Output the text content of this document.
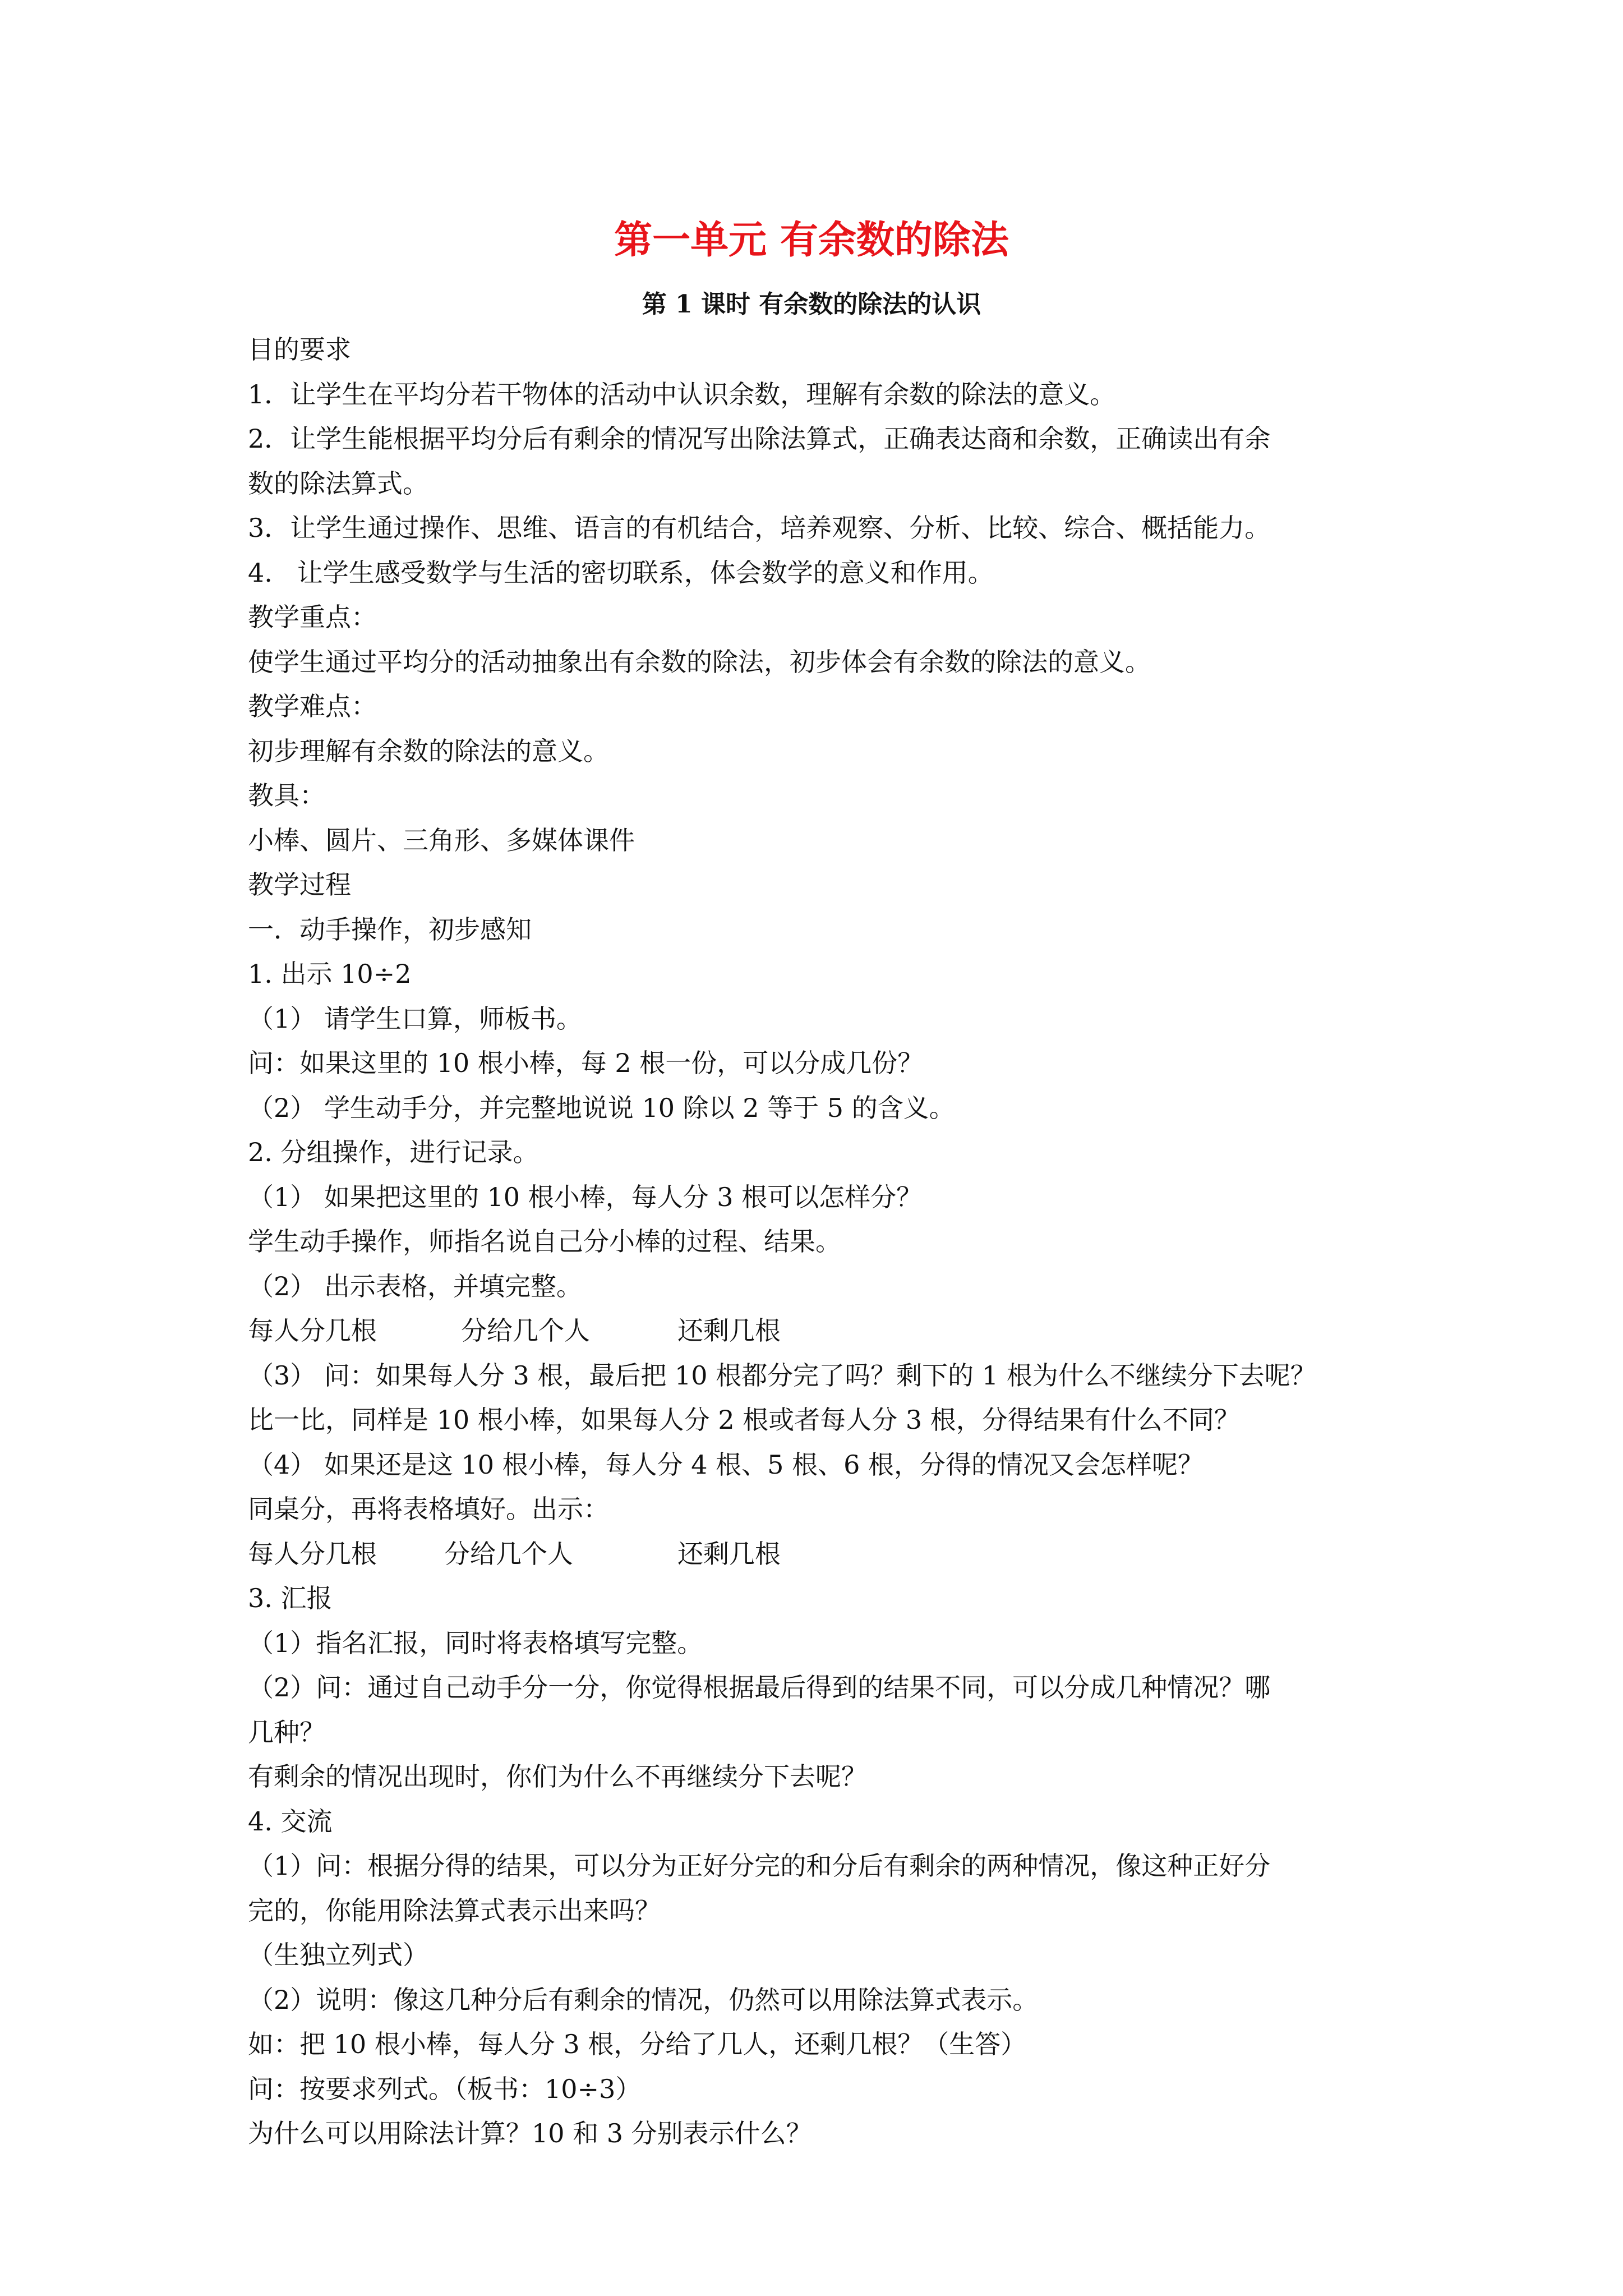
第一单元 有余数的除法
第 1 课时 有余数的除法的认识

目的要求

1．让学生在平均分若干物体的活动中认识余数，理解有余数的除法的意义。

2．让学生能根据平均分后有剩余的情况写出除法算式，正确表达商和余数，正确读出有余

数的除法算式。

3．让学生通过操作、思维、语言的有机结合，培养观察、分析、比较、综合、概括能力。

4.   让学生感受数学与生活的密切联系，体会数学的意义和作用。

教学重点：

使学生通过平均分的活动抽象出有余数的除法，初步体会有余数的除法的意义。

教学难点：

初步理解有余数的除法的意义。

教具：

小棒、圆片、三角形、多媒体课件

教学过程

一．动手操作，初步感知

1. 出示 10÷2

（1） 请学生口算，师板书。

问：如果这里的 10 根小棒，每 2 根一份，可以分成几份？

（2） 学生动手分，并完整地说说 10 除以 2 等于 5 的含义。

2. 分组操作，进行记录。

（1） 如果把这里的 10 根小棒，每人分 3 根可以怎样分？

学生动手操作，师指名说自己分小棒的过程、结果。

（2） 出示表格，并填完整。

每人分几根	分给几个人	还剩几根

（3） 问：如果每人分 3 根，最后把 10 根都分完了吗？剩下的 1 根为什么不继续分下去呢？

比一比，同样是 10 根小棒，如果每人分 2 根或者每人分 3 根，分得结果有什么不同？

（4） 如果还是这 10 根小棒，每人分 4 根、5 根、6 根，分得的情况又会怎样呢？

同桌分，再将表格填好。出示：

每人分几根	分给几个人	还剩几根

3. 汇报

（1）指名汇报，同时将表格填写完整。

（2）问：通过自己动手分一分，你觉得根据最后得到的结果不同，可以分成几种情况？哪

几种？

有剩余的情况出现时，你们为什么不再继续分下去呢？

4. 交流

（1）问：根据分得的结果，可以分为正好分完的和分后有剩余的两种情况，像这种正好分

完的，你能用除法算式表示出来吗？

（生独立列式）

（2）说明：像这几种分后有剩余的情况，仍然可以用除法算式表示。

如：把 10 根小棒，每人分 3 根，分给了几人，还剩几根？（生答）

问：按要求列式。（板书：10÷3）

为什么可以用除法计算？10 和 3 分别表示什么？
